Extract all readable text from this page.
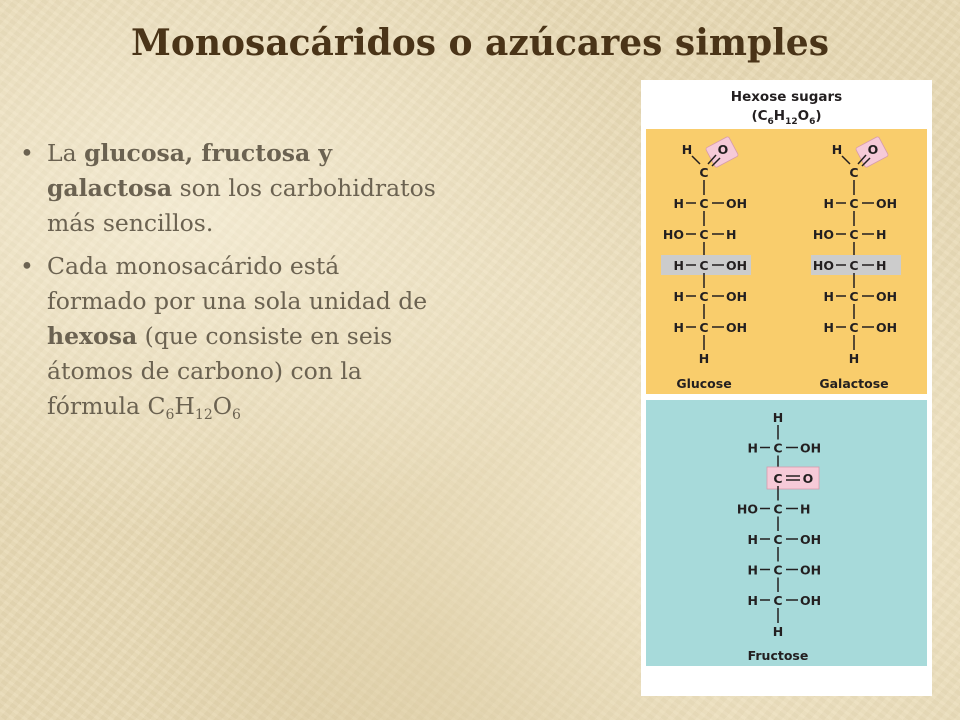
Monosacáridos o azúcares simples
• La glucosa, fructosa y galactosa son los carbohidratos más sencillos.
• Cada monosacárido está formado por una sola unidad de hexosa (que consiste en seis átomos de carbono) con la fórmula $C_6H_{12}O_6$
Hexose sugars
$(C_6H_{12}O_6)$
H O
C
H C OH
HO C H
H C OH
H C OH
H C OH
H
Glucose
H O
C
H C OH
HO C H
HO C H
H C OH
H C OH
H
Galactose
H
H C OH
C O
HO C H
H C OH
H C OH
H C OH
H
Fructose
